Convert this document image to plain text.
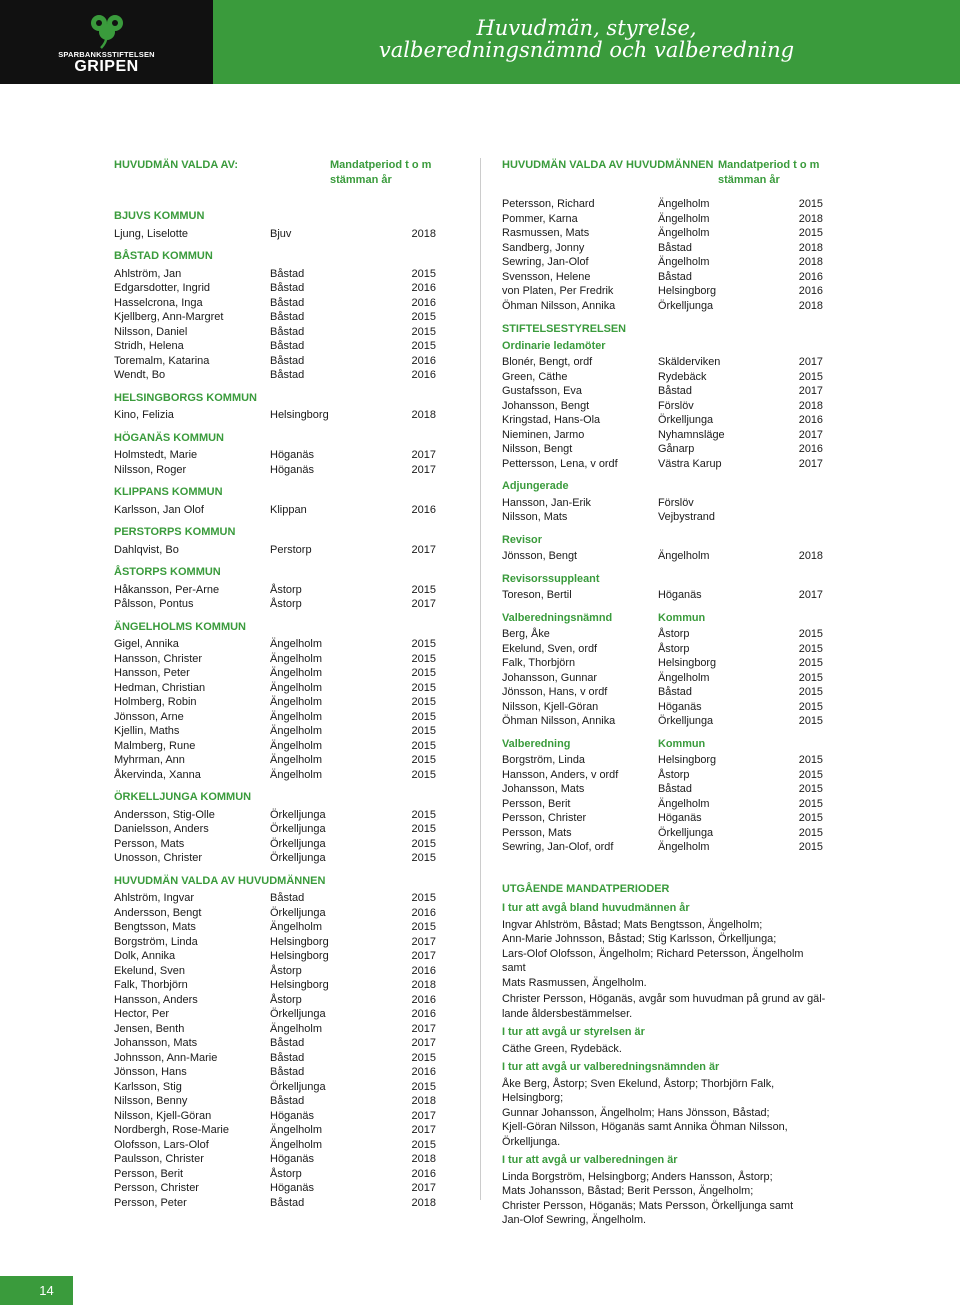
SPARBANKSSTIFTELSEN
GRIPEN
Huvudmän, styrelse,
valberedningsnämnd och valberedning
HUVUDMÄN VALDA AV:	Mandatperiod t o m stämman år
BJUVS KOMMUN
Ljung, Liselotte	Bjuv	2018
BÅSTAD KOMMUN
Ahlström, Jan	Båstad	2015
Edgarsdotter, Ingrid	Båstad	2016
Hasselcrona, Inga	Båstad	2016
Kjellberg, Ann-Margret	Båstad	2015
Nilsson, Daniel	Båstad	2015
Stridh, Helena	Båstad	2015
Toremalm, Katarina	Båstad	2016
Wendt, Bo	Båstad	2016
HELSINGBORGS KOMMUN
Kino, Felizia	Helsingborg	2018
HÖGANÄS KOMMUN
Holmstedt, Marie	Höganäs	2017
Nilsson, Roger	Höganäs	2017
KLIPPANS KOMMUN
Karlsson, Jan Olof	Klippan	2016
PERSTORPS KOMMUN
Dahlqvist, Bo	Perstorp	2017
ÅSTORPS KOMMUN
Håkansson, Per-Arne	Åstorp	2015
Pålsson, Pontus	Åstorp	2017
ÄNGELHOLMS KOMMUN
Gigel, Annika	Ängelholm	2015
Hansson, Christer	Ängelholm	2015
Hansson, Peter	Ängelholm	2015
Hedman, Christian	Ängelholm	2015
Holmberg, Robin	Ängelholm	2015
Jönsson, Arne	Ängelholm	2015
Kjellin, Maths	Ängelholm	2015
Malmberg, Rune	Ängelholm	2015
Myhrman, Ann	Ängelholm	2015
Åkervinda, Xanna	Ängelholm	2015
ÖRKELLJUNGA KOMMUN
Andersson, Stig-Olle	Örkelljunga	2015
Danielsson, Anders	Örkelljunga	2015
Persson, Mats	Örkelljunga	2015
Unosson, Christer	Örkelljunga	2015
HUVUDMÄN VALDA AV HUVUDMÄNNEN
Ahlström, Ingvar	Båstad	2015
Andersson, Bengt	Örkelljunga	2016
Bengtsson, Mats	Ängelholm	2015
Borgström, Linda	Helsingborg	2017
Dolk, Annika	Helsingborg	2017
Ekelund, Sven	Åstorp	2016
Falk, Thorbjörn	Helsingborg	2018
Hansson, Anders	Åstorp	2016
Hector, Per	Örkelljunga	2016
Jensen, Benth	Ängelholm	2017
Johansson, Mats	Båstad	2017
Johnsson, Ann-Marie	Båstad	2015
Jönsson, Hans	Båstad	2016
Karlsson, Stig	Örkelljunga	2015
Nilsson, Benny	Båstad	2018
Nilsson, Kjell-Göran	Höganäs	2017
Nordbergh, Rose-Marie	Ängelholm	2017
Olofsson, Lars-Olof	Ängelholm	2015
Paulsson, Christer	Höganäs	2018
Persson, Berit	Åstorp	2016
Persson, Christer	Höganäs	2017
Persson, Peter	Båstad	2018
HUVUDMÄN VALDA AV HUVUDMÄNNEN Mandatperiod t o m stämman år
Petersson, Richard	Ängelholm	2015
Pommer, Karna	Ängelholm	2018
Rasmussen, Mats	Ängelholm	2015
Sandberg, Jonny	Båstad	2018
Sewring, Jan-Olof	Ängelholm	2018
Svensson, Helene	Båstad	2016
von Platen, Per Fredrik	Helsingborg	2016
Öhman Nilsson, Annika	Örkelljunga	2018
STIFTELSESTYRELSEN
Ordinarie ledamöter
Blonér, Bengt, ordf	Skälderviken	2017
Green, Cäthe	Rydebäck	2015
Gustafsson, Eva	Båstad	2017
Johansson, Bengt	Förslöv	2018
Kringstad, Hans-Ola	Örkelljunga	2016
Nieminen, Jarmo	Nyhamnsläge	2017
Nilsson, Bengt	Gånarp	2016
Pettersson, Lena, v ordf	Västra Karup	2017
Adjungerade
Hansson, Jan-Erik	Förslöv
Nilsson, Mats	Vejbystrand
Revisor
Jönsson, Bengt	Ängelholm	2018
Revisorssuppleant
Toreson, Bertil	Höganäs	2017
Valberedningsnämnd	Kommun
Berg, Åke	Åstorp	2015
Ekelund, Sven, ordf	Åstorp	2015
Falk, Thorbjörn	Helsingborg	2015
Johansson, Gunnar	Ängelholm	2015
Jönsson, Hans, v ordf	Båstad	2015
Nilsson, Kjell-Göran	Höganäs	2015
Öhman Nilsson, Annika	Örkelljunga	2015
Valberedning	Kommun
Borgström, Linda	Helsingborg	2015
Hansson, Anders, v ordf	Åstorp	2015
Johansson, Mats	Båstad	2015
Persson, Berit	Ängelholm	2015
Persson, Christer	Höganäs	2015
Persson, Mats	Örkelljunga	2015
Sewring, Jan-Olof, ordf	Ängelholm	2015
UTGÅENDE MANDATPERIODER
I tur att avgå bland huvudmännen år
Ingvar Ahlström, Båstad; Mats Bengtsson, Ängelholm;
Ann-Marie Johnsson, Båstad; Stig Karlsson, Örkelljunga;
Lars-Olof Olofsson, Ängelholm; Richard Petersson, Ängelholm samt
Mats Rasmussen, Ängelholm.
Christer Persson, Höganäs, avgår som huvudman på grund av gäl-
lande åldersbestämmelser.
I tur att avgå ur styrelsen är
Cäthe Green, Rydebäck.
I tur att avgå ur valberedningsnämnden är
Åke Berg, Åstorp; Sven Ekelund, Åstorp; Thorbjörn Falk, Helsingborg;
Gunnar Johansson, Ängelholm; Hans Jönsson, Båstad;
Kjell-Göran Nilsson, Höganäs samt Annika Öhman Nilsson, Örkelljunga.
I tur att avgå ur valberedningen är
Linda Borgström, Helsingborg; Anders Hansson, Åstorp;
Mats Johansson, Båstad; Berit Persson, Ängelholm;
Christer Persson, Höganäs; Mats Persson, Örkelljunga samt
Jan-Olof Sewring, Ängelholm.
14
